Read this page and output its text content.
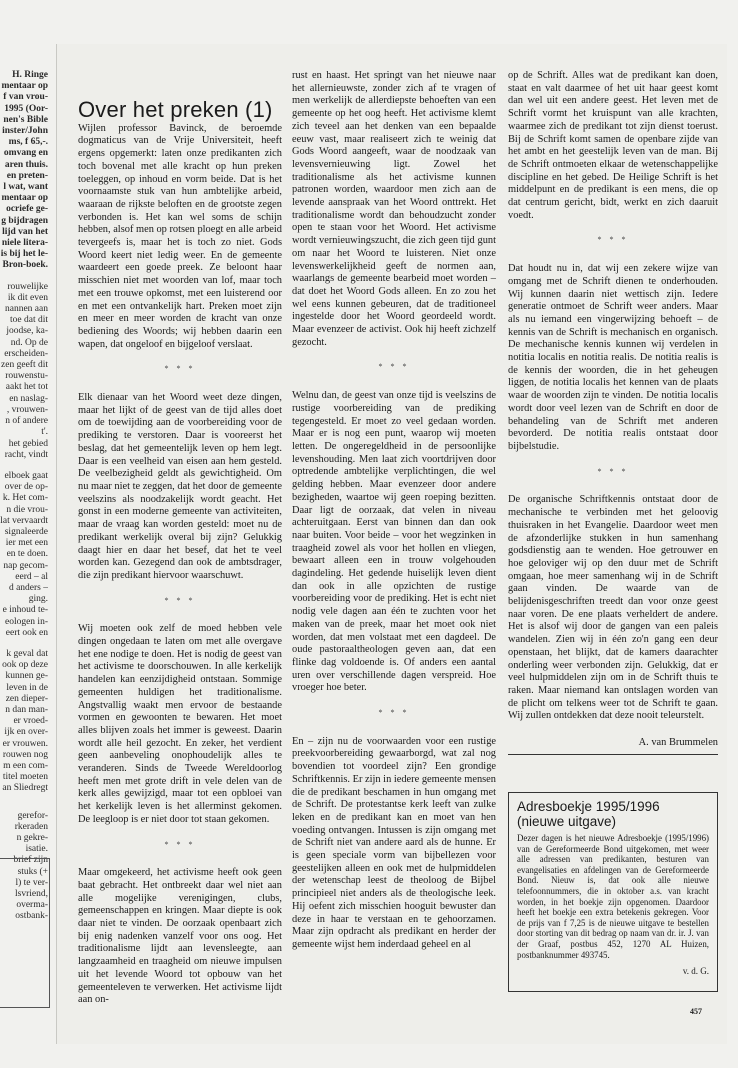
H. Ringe
mentaar op
f van vrou-
1995 (Oor-
nen's Bible
inster/John
ms, f 65,-.
omvang en
aren thuis.
en preten-
l wat, want
mentaar op
ocriefe ge-
g bijdragen
lijd van het
niele litera-
is bij het le-
Bron-boek.
rouwelijke
ik dit even
nannen aan
toe dat dit
joodse, ka-
nd. Op de
erscheiden-
zen geeft dit
rouwenstu-
aakt het tot
en naslag-
, vrouwen-
n of andere
t'.
het gebied
racht, vindt
elboek gaat
over de op-
k. Het com-
n die vrou-
lat vervaardt
signaleerde
ier met een
en te doen.
nap gecom-
eerd – al
d anders –
ging.
e inhoud te-
eologen in-
eert ook en
k geval dat
ook op deze
kunnen ge-
leven in de
zen dieper-
n dan man-
er vroed-
ijk en over-
er vrouwen.
rouwen nog
m een com-
titel moeten
an Sliedregt
gerefor-
rkeraden
n gekre-
isatie.
brief zijn
stuks (+
l) te ver-
lsvriend,
overma-
ostbank-
Over het preken (1)

Wijlen professor Bavinck, de beroemde dogmaticus van de Vrije Universiteit, heeft ergens opgemerkt: laten onze predikanten zich toch bovenal met alle kracht op hun preken toeleggen, op inhoud en vorm beide. Dat is het voornaamste stuk van hun ambtelijke arbeid, waaraan de rijkste beloften en de grootste zegen verbonden is. Het kan wel soms de schijn hebben, alsof men op rotsen ploegt en alle arbeid tevergeefs is, maar het is toch zo niet. Gods Woord keert niet ledig weer. En de gemeente waardeert een goede preek. Ze beloont haar misschien niet met woorden van lof, maar toch met een trouwe opkomst, met een luisterend oor en met een ontvankelijk hart. Preken moet zijn en meer en meer worden de kracht van onze bediening des Woords; wij hebben daarin een wapen, dat ongeloof en bijgeloof verslaat.

* * *

Elk dienaar van het Woord weet deze dingen, maar het lijkt of de geest van de tijd alles doet om de toewijding aan de voorbereiding voor de prediking te verstoren. Daar is vooreerst het beslag, dat het gemeentelijk leven op hem legt. Daar is een veelheid van eisen aan hem gesteld. De veelbezigheid geldt als gewichtigheid. Om nu maar niet te zeggen, dat het door de gemeente veelszins als noodzakelijk wordt geacht. Het gonst in een moderne gemeente van activiteiten, maar de vraag kan worden gesteld: moet nu de predikant werkelijk overal bij zijn? Gelukkig daagt hier en daar het besef, dat het te veel worden kan. Gezegend dan ook de ambtsdrager, die zijn predikant hiervoor waarschuwt.

* * *

Wij moeten ook zelf de moed hebben vele dingen ongedaan te laten om met alle overgave het ene nodige te doen. Het is nodig de geest van het activisme te doorschouwen. In alle kerkelijk handelen kan eenzijdigheid ontstaan. Sommige gemeenten huldigen het traditionalisme. Angstvallig waakt men ervoor de bestaande vormen en gewoonten te bewaren. Het moet alles blijven zoals het immer is geweest. Daarin wordt alle heil gezocht. En zeker, het verdient geen aanbeveling onophoudelijk alles te veranderen. Sinds de Tweede Wereldoorlog heeft men met grote drift in vele delen van de kerk alles gewijzigd, maar tot een opbloei van het kerkelijk leven is het allerminst gekomen. De leegloop is er niet door tot staan gekomen.

* * *

Maar omgekeerd, het activisme heeft ook geen baat gebracht. Het ontbreekt daar wel niet aan alle mogelijke verenigingen, clubs, gemeenschappen en kringen. Maar diepte is ook daar niet te vinden. De oorzaak openbaart zich bij enig nadenken vanzelf voor ons oog. Het traditionalisme lijdt aan levensleegte, aan langzaamheid en traagheid om nieuwe impulsen uit het levende Woord tot opbouw van het gemeenteleven te verwerken. Het activisme lijdt aan on-

rust en haast. Het springt van het nieuwe naar het allernieuwste, zonder zich af te vragen of men werkelijk de allerdiepste behoeften van een gemeente op het oog heeft. Het activisme klemt zich teveel aan het denken van een bepaalde eeuw vast, maar realiseert zich te weinig dat Gods Woord aangeeft, waar de noodzaak van levensvernieuwing ligt. Zowel het traditionalisme als het activisme kunnen patronen worden, waardoor men zich aan de levende aanspraak van het Woord onttrekt. Het traditionalisme wordt dan behoudzucht zonder open te staan voor het Woord. Het activisme wordt vernieuwingszucht, die zich geen tijd gunt om naar het Woord te luisteren. Niet onze levenswerkelijkheid geeft de normen aan, waarlangs de gemeente bearbeid moet worden – dat doet het Woord Gods alleen. En zo zou het wel eens kunnen gebeuren, dat de traditioneel ingestelde door het Woord geordeeld wordt. Maar evenzeer de activist. Ook hij heeft zichzelf gezocht.

* * *

Welnu dan, de geest van onze tijd is veelszins de rustige voorbereiding van de prediking tegengesteld. Er moet zo veel gedaan worden. Maar er is nog een punt, waarop wij moeten letten. De ongeregeldheid in de persoonlijke levenshouding. Men laat zich voortdrijven door optredende ambtelijke verplichtingen, die wel gelding hebben. Maar evenzeer door andere bezigheden, waartoe wij geen roeping bezitten. Daar ligt de oorzaak, dat velen in niveau achteruitgaan. Eerst van binnen dan dan ook naar buiten. Voor beide – voor het wegzinken in traagheid zowel als voor het hollen en vliegen, bewaart alleen een in trouw volgehouden dagindeling. Het gedende huiselijk leven dient dan ook in alle opzichten de rustige voorbereiding voor de prediking. Het is echt niet nodig vele dagen aan één te zuchten voor het maken van de preek, maar het moet ook niet worden, dat men volstaat met een dagdeel. De oude pastoraaltheologen geven aan, dat een flinke dag voldoende is. Of anders een aantal uren over verschillende dagen verspreid. Hoe vroeger hoe beter.

* * *

En – zijn nu de voorwaarden voor een rustige preekvoorbereiding gewaarborgd, wat zal nog bovendien tot voordeel zijn? Een grondige Schriftkennis. Er zijn in iedere gemeente mensen die de predikant beschamen in hun omgang met de Schrift. De protestantse kerk leeft van zulke leken en de predikant kan en moet van hen voeding ontvangen. Intussen is zijn omgang met de Schrift niet van andere aard als de hunne. Er is geen speciale vorm van bijbellezen voor geestelijken alleen en ook met de hulpmiddelen der wetenschap leest de theoloog de Bijbel principieel niet anders als de theologische leek. Hij oefent zich misschien hooguit bewuster dan deze in haar te verstaan en te gehoorzamen. Maar zijn opdracht als predikant en herder der gemeente wijst hem inderdaad geheel en al

op de Schrift. Alles wat de predikant kan doen, staat en valt daarmee of het uit haar geest komt dan wel uit een andere geest. Het leven met de Schrift vormt het kruispunt van alle krachten, waarmee zich de predikant tot zijn dienst toerust. Bij de Schrift komt samen de openbare zijde van het ambt en het geestelijk leven van de man. Bij de Schrift ontmoeten elkaar de wetenschappelijke discipline en het gebed. De Heilige Schrift is het middelpunt en de predikant is een mens, die op dat centrum gericht, bidt, werkt en zich daaruit voedt.

* * *

Dat houdt nu in, dat wij een zekere wijze van omgang met de Schrift dienen te onderhouden. Wij kunnen daarin niet wettisch zijn. Iedere generatie ontmoet de Schrift weer anders. Maar als nu iemand een vingerwijzing behoeft – de kennis van de Schrift is mechanisch en organisch. De mechanische kennis kunnen wij verdelen in notitia localis en notitia realis. De notitia realis is de kennis der woorden, die in het geheugen liggen, de notitia localis het kennen van de plaats waar de woorden zijn te vinden. De notitia localis wordt door veel lezen van de Schrift en door de behandeling van de Schrift met anderen bevorderd. De notitia realis ontstaat door bijbelstudie.

* * *

De organische Schriftkennis ontstaat door de mechanische te verbinden met het geloovig thuisraken in het Evangelie. Daardoor weet men de afzonderlijke stukken in hun samenhang godsdienstig aan te wenden. Hoe getrouwer en hoe geloviger wij op den duur met de Schrift omgaan, hoe meer samenhang wij in de Schrift gaan vinden. De waarde van de belijdenisgeschriften treedt dan voor onze geest naar voren. De ene plaats verheldert de andere. Het is alsof wij door de gangen van een paleis wandelen. Zien wij in één zo'n gang een deur openstaan, het blijkt, dat de kamers daarachter onderling weer verbonden zijn. Gelukkig, dat er veel hulpmiddelen zijn om in de Schrift thuis te raken. Maar niemand kan ontslagen worden van de plicht om telkens weer tot de Schrift te gaan. Wij zullen ontdekken dat deze nooit teleurstelt.

A. van Brummelen
Adresboekje 1995/1996 (nieuwe uitgave)
Dezer dagen is het nieuwe Adresboekje (1995/1996) van de Gereformeerde Bond uitgekomen, met weer alle adressen van predikanten, besturen van evangelisaties en afdelingen van de Gereformeerde Bond. Nieuw is, dat ook alle nieuwe telefoonnummers, die in oktober a.s. van kracht worden, in het boekje zijn opgenomen. Daardoor heeft het boekje een extra betekenis gekregen. Voor de prijs van f 7,25 is de nieuwe uitgave te bestellen door storting van dit bedrag op naam van dr. ir. J. van der Graaf, postbus 452, 1270 AL Huizen, postbanknummer 493745.
v. d. G.
457
